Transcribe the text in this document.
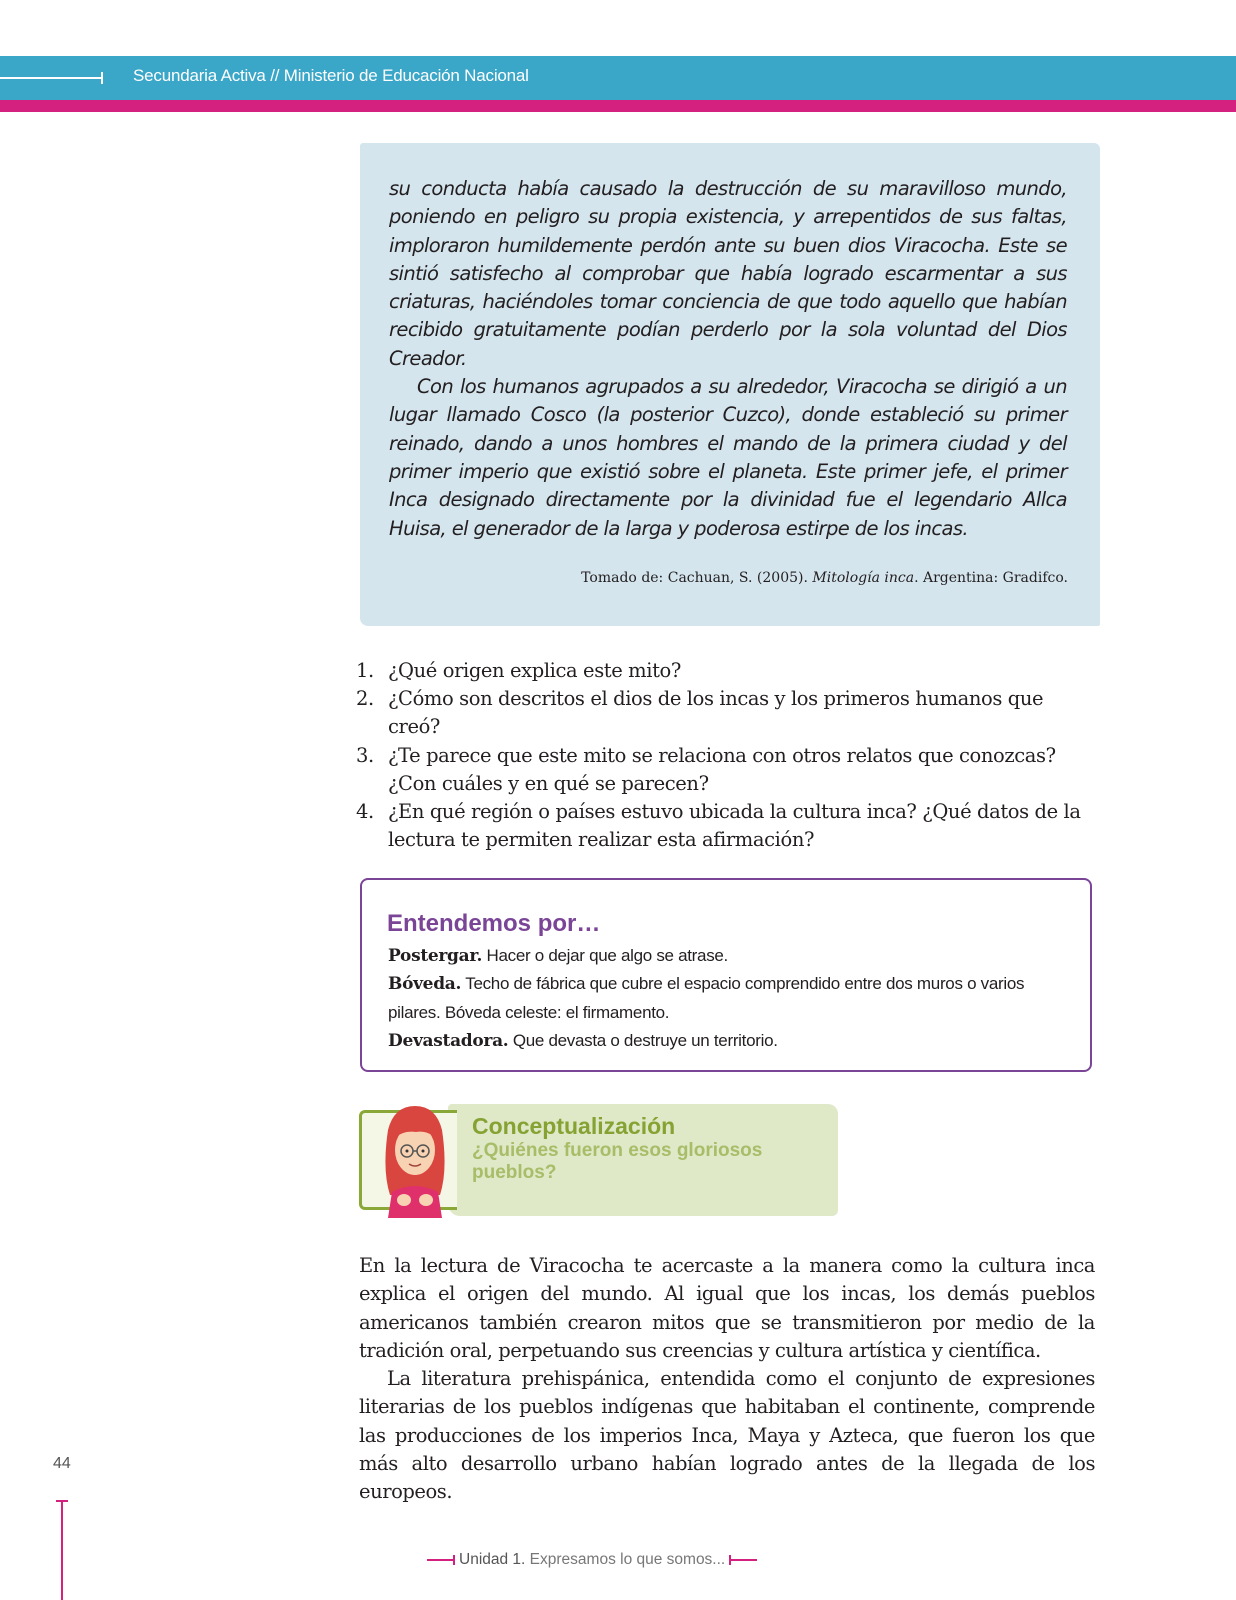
Secundaria Activa // Ministerio de Educación Nacional

su conducta había causado la destrucción de su maravilloso mundo, poniendo en peligro su propia existencia, y arrepentidos de sus faltas, imploraron humildemente perdón ante su buen dios Viracocha. Este se sintió satisfecho al comprobar que había logrado escarmentar a sus criaturas, haciéndoles tomar conciencia de que todo aquello que habían recibido gratuitamente podían perderlo por la sola voluntad del Dios Creador.

Con los humanos agrupados a su alrededor, Viracocha se dirigió a un lugar llamado Cosco (la posterior Cuzco), donde estableció su primer reinado, dando a unos hombres el mando de la primera ciudad y del primer imperio que existió sobre el planeta. Este primer jefe, el primer Inca designado directamente por la divinidad fue el legendario Allca Huisa, el generador de la larga y poderosa estirpe de los incas.

Tomado de: Cachuan, S. (2005). Mitología inca. Argentina: Gradifco.
1. ¿Qué origen explica este mito?
2. ¿Cómo son descritos el dios de los incas y los primeros humanos que creó?
3. ¿Te parece que este mito se relaciona con otros relatos que conozcas? ¿Con cuáles y en qué se parecen?
4. ¿En qué región o países estuvo ubicada la cultura inca? ¿Qué datos de la lectura te permiten realizar esta afirmación?
Entendemos por…

Postergar. Hacer o dejar que algo se atrase.

Bóveda. Techo de fábrica que cubre el espacio comprendido entre dos muros o varios pilares. Bóveda celeste: el firmamento.

Devastadora. Que devasta o destruye un territorio.

Conceptualización
¿Quiénes fueron esos gloriosos pueblos?

En la lectura de Viracocha te acercaste a la manera como la cultura inca explica el origen del mundo. Al igual que los incas, los demás pueblos americanos también crearon mitos que se transmitieron por medio de la tradición oral, perpetuando sus creencias y cultura artística y científica.

La literatura prehispánica, entendida como el conjunto de expresiones literarias de los pueblos indígenas que habitaban el continente, comprende las producciones de los imperios Inca, Maya y Azteca, que fueron los que más alto desarrollo urbano habían logrado antes de la llegada de los europeos.

44
Unidad 1. Expresamos lo que somos...
